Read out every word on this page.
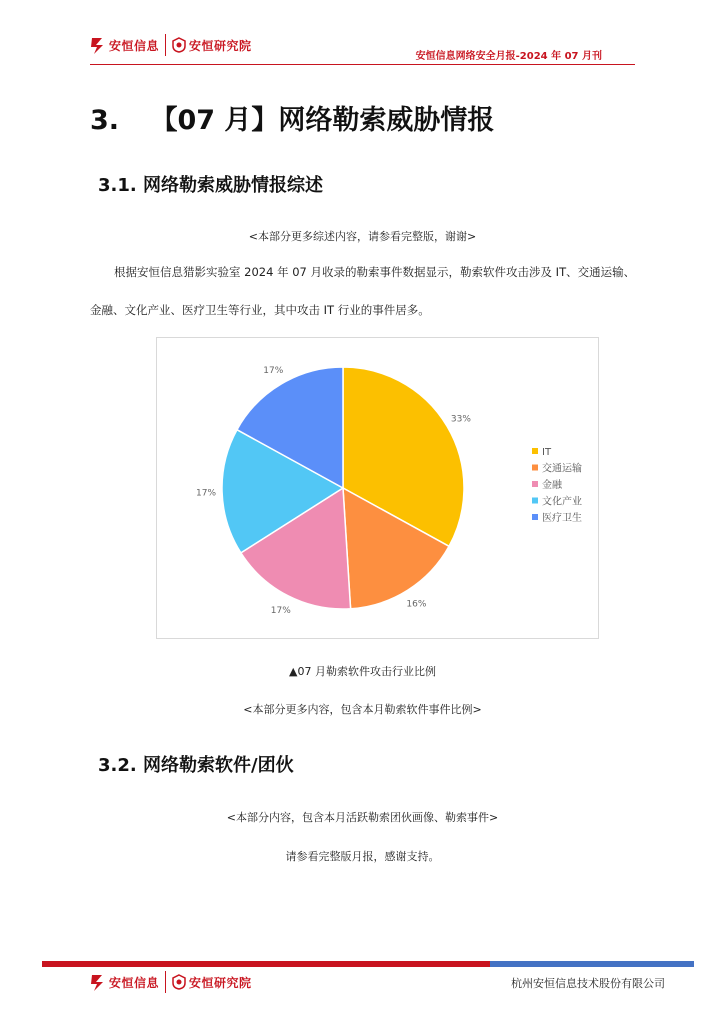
安恒信息	安恒研究院
安恒信息网络安全月报-2024 年 07 月刊
3. 【07 月】网络勒索威胁情报
3.1. 网络勒索威胁情报综述
<本部分更多综述内容，请参看完整版，谢谢>
根据安恒信息猎影实验室 2024 年 07 月收录的勒索事件数据显示，勒索软件攻击涉及 IT、交通运输、金融、文化产业、医疗卫生等行业，其中攻击 IT 行业的事件居多。
33%
16%
17%
17%
17%
IT
交通运输
金融
文化产业
医疗卫生
▲07 月勒索软件攻击行业比例
<本部分更多内容，包含本月勒索软件事件比例>
3.2. 网络勒索软件/团伙
<本部分内容，包含本月活跃勒索团伙画像、勒索事件>
请参看完整版月报，感谢支持。
安恒信息	安恒研究院	杭州安恒信息技术股份有限公司
